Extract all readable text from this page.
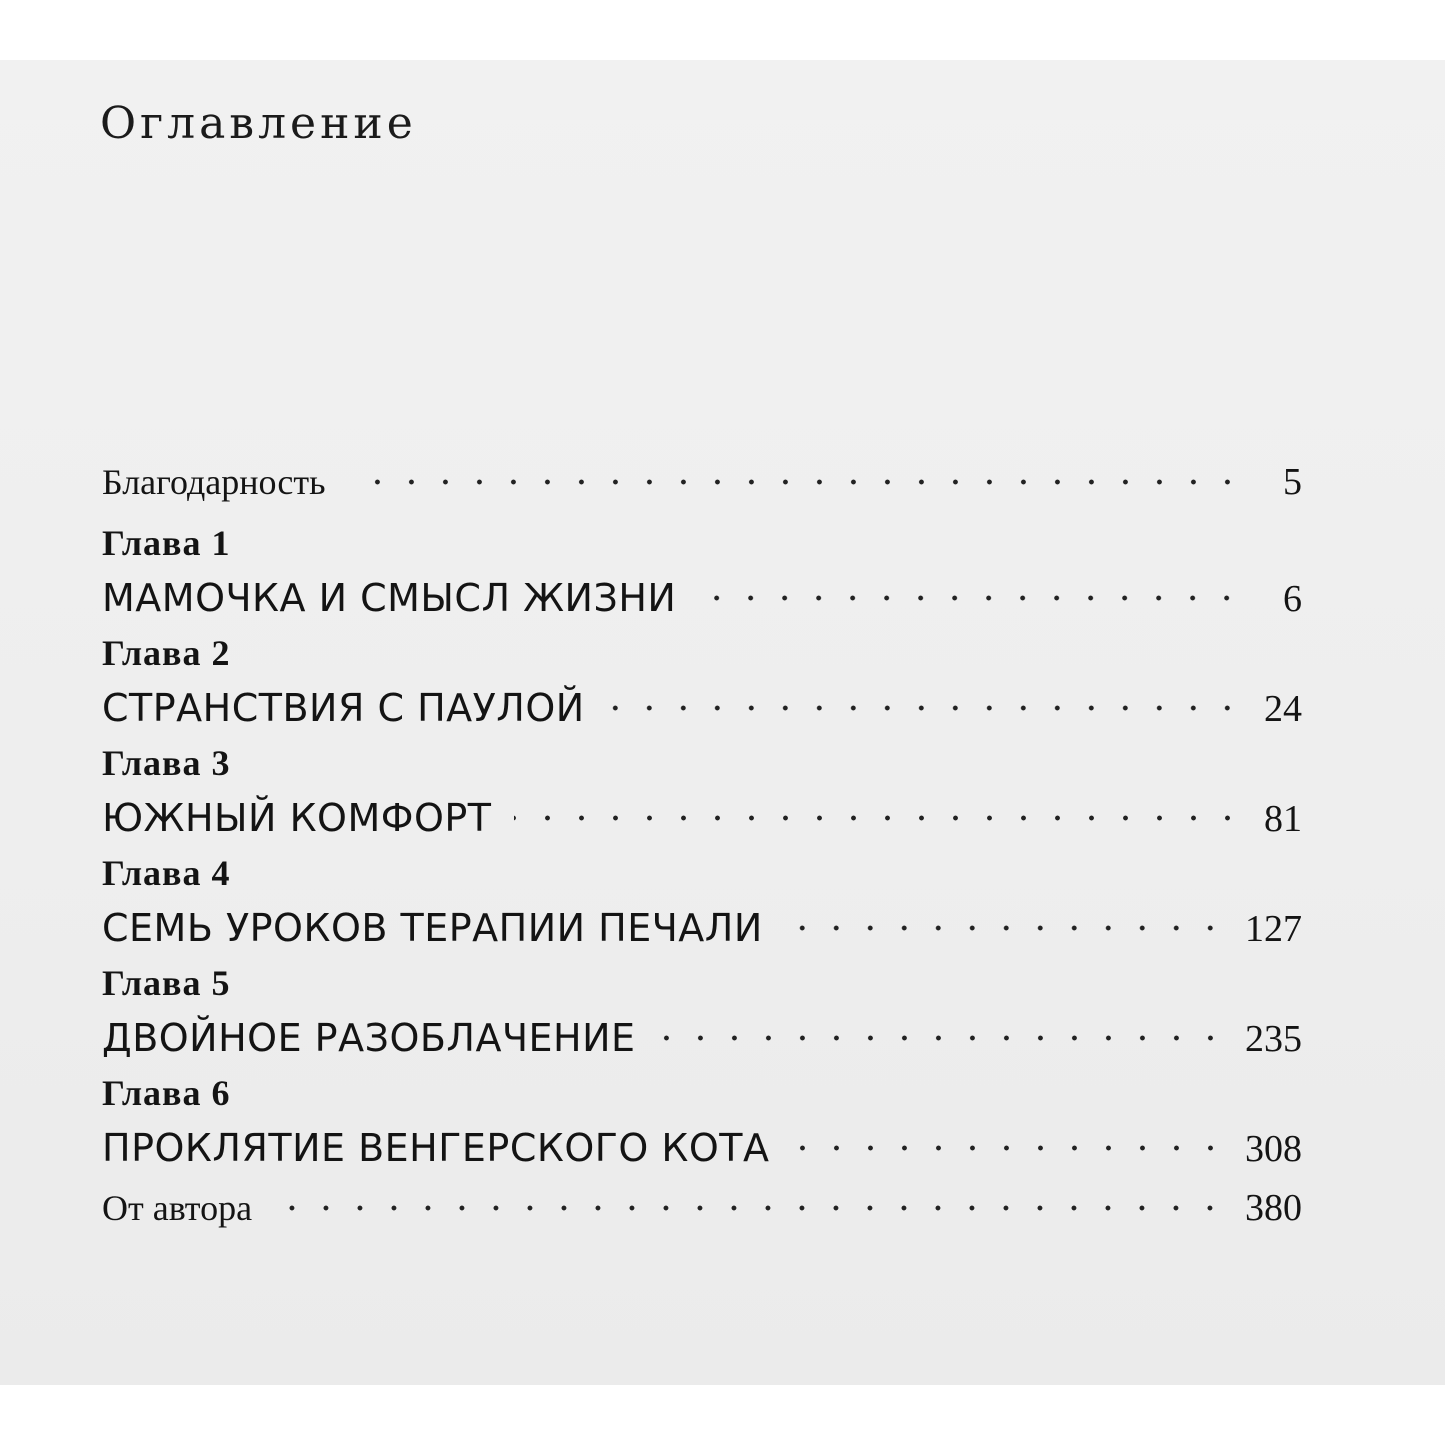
Оглавление
Благодарность	5
Глава 1
МАМОЧКА И СМЫСЛ ЖИЗНИ	6
Глава 2
СТРАНСТВИЯ С ПАУЛОЙ	24
Глава 3
ЮЖНЫЙ КОМФОРТ	81
Глава 4
СЕМЬ УРОКОВ ТЕРАПИИ ПЕЧАЛИ	127
Глава 5
ДВОЙНОЕ РАЗОБЛАЧЕНИЕ	235
Глава 6
ПРОКЛЯТИЕ ВЕНГЕРСКОГО КОТА	308
От автора	380
